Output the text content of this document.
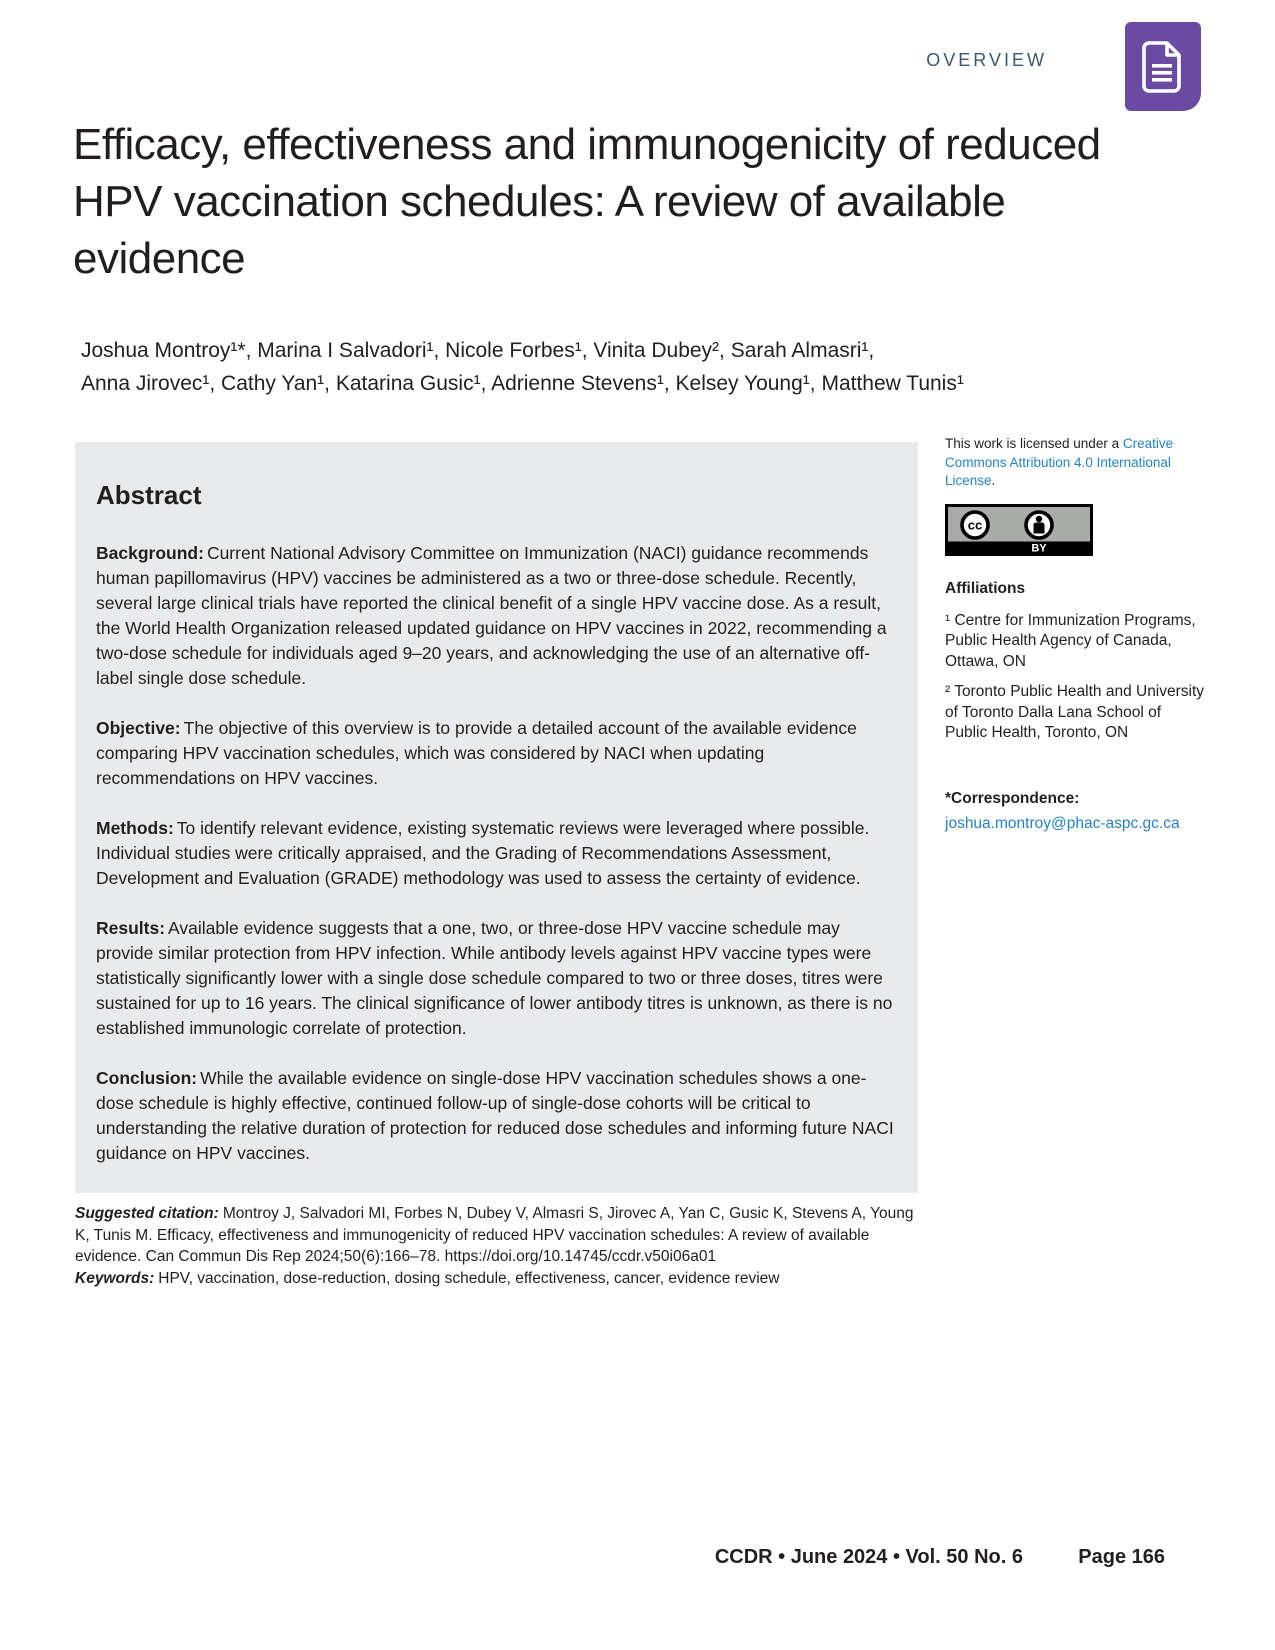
OVERVIEW
Efficacy, effectiveness and immunogenicity of reduced HPV vaccination schedules: A review of available evidence
Joshua Montroy¹*, Marina I Salvadori¹, Nicole Forbes¹, Vinita Dubey², Sarah Almasri¹,
Anna Jirovec¹, Cathy Yan¹, Katarina Gusic¹, Adrienne Stevens¹, Kelsey Young¹, Matthew Tunis¹
Abstract

Background: Current National Advisory Committee on Immunization (NACI) guidance recommends human papillomavirus (HPV) vaccines be administered as a two or three-dose schedule. Recently, several large clinical trials have reported the clinical benefit of a single HPV vaccine dose. As a result, the World Health Organization released updated guidance on HPV vaccines in 2022, recommending a two-dose schedule for individuals aged 9–20 years, and acknowledging the use of an alternative off-label single dose schedule.

Objective: The objective of this overview is to provide a detailed account of the available evidence comparing HPV vaccination schedules, which was considered by NACI when updating recommendations on HPV vaccines.

Methods: To identify relevant evidence, existing systematic reviews were leveraged where possible. Individual studies were critically appraised, and the Grading of Recommendations Assessment, Development and Evaluation (GRADE) methodology was used to assess the certainty of evidence.

Results: Available evidence suggests that a one, two, or three-dose HPV vaccine schedule may provide similar protection from HPV infection. While antibody levels against HPV vaccine types were statistically significantly lower with a single dose schedule compared to two or three doses, titres were sustained for up to 16 years. The clinical significance of lower antibody titres is unknown, as there is no established immunologic correlate of protection.

Conclusion: While the available evidence on single-dose HPV vaccination schedules shows a one-dose schedule is highly effective, continued follow-up of single-dose cohorts will be critical to understanding the relative duration of protection for reduced dose schedules and informing future NACI guidance on HPV vaccines.

This work is licensed under a Creative Commons Attribution 4.0 International License.

cc
BY
Affiliations

¹ Centre for Immunization Programs, Public Health Agency of Canada, Ottawa, ON

² Toronto Public Health and University of Toronto Dalla Lana School of Public Health, Toronto, ON

*Correspondence:

joshua.montroy@phac-aspc.gc.ca

Suggested citation: Montroy J, Salvadori MI, Forbes N, Dubey V, Almasri S, Jirovec A, Yan C, Gusic K, Stevens A, Young K, Tunis M. Efficacy, effectiveness and immunogenicity of reduced HPV vaccination schedules: A review of available evidence. Can Commun Dis Rep 2024;50(6):166–78. https://doi.org/10.14745/ccdr.v50i06a01

Keywords: HPV, vaccination, dose-reduction, dosing schedule, effectiveness, cancer, evidence review

CCDR • June 2024 • Vol. 50 No. 6	Page 166
